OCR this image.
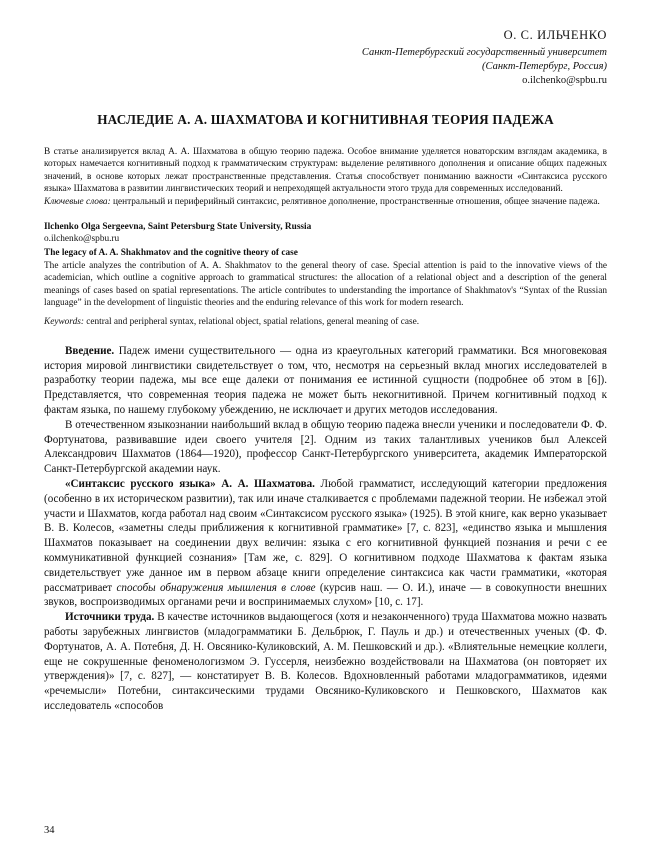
О. С. ИЛЬЧЕНКО
Санкт-Петербургский государственный университет
(Санкт-Петербург, Россия)
o.ilchenko@spbu.ru
НАСЛЕДИЕ А. А. ШАХМАТОВА И КОГНИТИВНАЯ ТЕОРИЯ ПАДЕЖА
В статье анализируется вклад А. А. Шахматова в общую теорию падежа. Особое внимание уделяется новаторским взглядам академика, в которых намечается когнитивный подход к грамматическим структурам: выделение релятивного дополнения и описание общих падежных значений, в основе которых лежат пространственные представления. Статья способствует пониманию важности «Синтаксиса русского языка» Шахматова в развитии лингвистических теорий и непреходящей актуальности этого труда для современных исследований.
Ключевые слова: центральный и периферийный синтаксис, релятивное дополнение, пространственные отношения, общее значение падежа.
Ilchenko Olga Sergeevna, Saint Petersburg State University, Russia
o.ilchenko@spbu.ru
The legacy of A. A. Shakhmatov and the cognitive theory of case
The article analyzes the contribution of A. A. Shakhmatov to the general theory of case. Special attention is paid to the innovative views of the academician, which outline a cognitive approach to grammatical structures: the allocation of a relational object and a description of the general meanings of cases based on spatial representations. The article contributes to understanding the importance of Shakhmatov's “Syntax of the Russian language” in the development of linguistic theories and the enduring relevance of this work for modern research.
Keywords: central and peripheral syntax, relational object, spatial relations, general meaning of case.

Введение. Падеж имени существительного — одна из краеугольных категорий грамматики. Вся многовековая история мировой лингвистики свидетельствует о том, что, несмотря на серьезный вклад многих исследователей в разработку теории падежа, мы все еще далеки от понимания ее истинной сущности (подробнее об этом в [6]). Представляется, что современная теория падежа не может быть некогнитивной. Причем когнитивный подход к фактам языка, по нашему глубокому убеждению, не исключает и других методов исследования.

В отечественном языкознании наибольший вклад в общую теорию падежа внесли ученики и последователи Ф. Ф. Фортунатова, развивавшие идеи своего учителя [2]. Одним из таких талантливых учеников был Алексей Александрович Шахматов (1864—1920), профессор Санкт-Петербургского университета, академик Императорской Санкт-Петербургской академии наук.

«Синтаксис русского языка» А. А. Шахматова. Любой грамматист, исследующий категории предложения (особенно в их историческом развитии), так или иначе сталкивается с проблемами падежной теории. Не избежал этой участи и Шахматов, когда работал над своим «Синтаксисом русского языка» (1925). В этой книге, как верно указывает В. В. Колесов, «заметны следы приближения к когнитивной грамматике» [7, с. 823], «единство языка и мышления Шахматов показывает на соединении двух величин: языка с его когнитивной функцией познания и речи с ее коммуникативной функцией сознания» [Там же, с. 829]. О когнитивном подходе Шахматова к фактам языка свидетельствует уже данное им в первом абзаце книги определение синтаксиса как части грамматики, «которая рассматривает способы обнаружения мышления в слове (курсив наш. — О. И.), иначе — в совокупности внешних звуков, воспроизводимых органами речи и воспринимаемых слухом» [10, с. 17].

Источники труда. В качестве источников выдающегося (хотя и незаконченного) труда Шахматова можно назвать работы зарубежных лингвистов (младограмматики Б. Дельбрюк, Г. Пауль и др.) и отечественных ученых (Ф. Ф. Фортунатов, А. А. Потебня, Д. Н. Овсянико-Куликовский, А. М. Пешковский и др.). «Влиятельные немецкие коллеги, еще не сокрушенные феноменологизмом Э. Гуссерля, неизбежно воздействовали на Шахматова (он повторяет их утверждения)» [7, с. 827], — констатирует В. В. Колесов. Вдохновленный работами младограмматиков, идеями «речемысли» Потебни, синтаксическими трудами Овсянико-Куликовского и Пешковского, Шахматов как исследователь «способов

34
